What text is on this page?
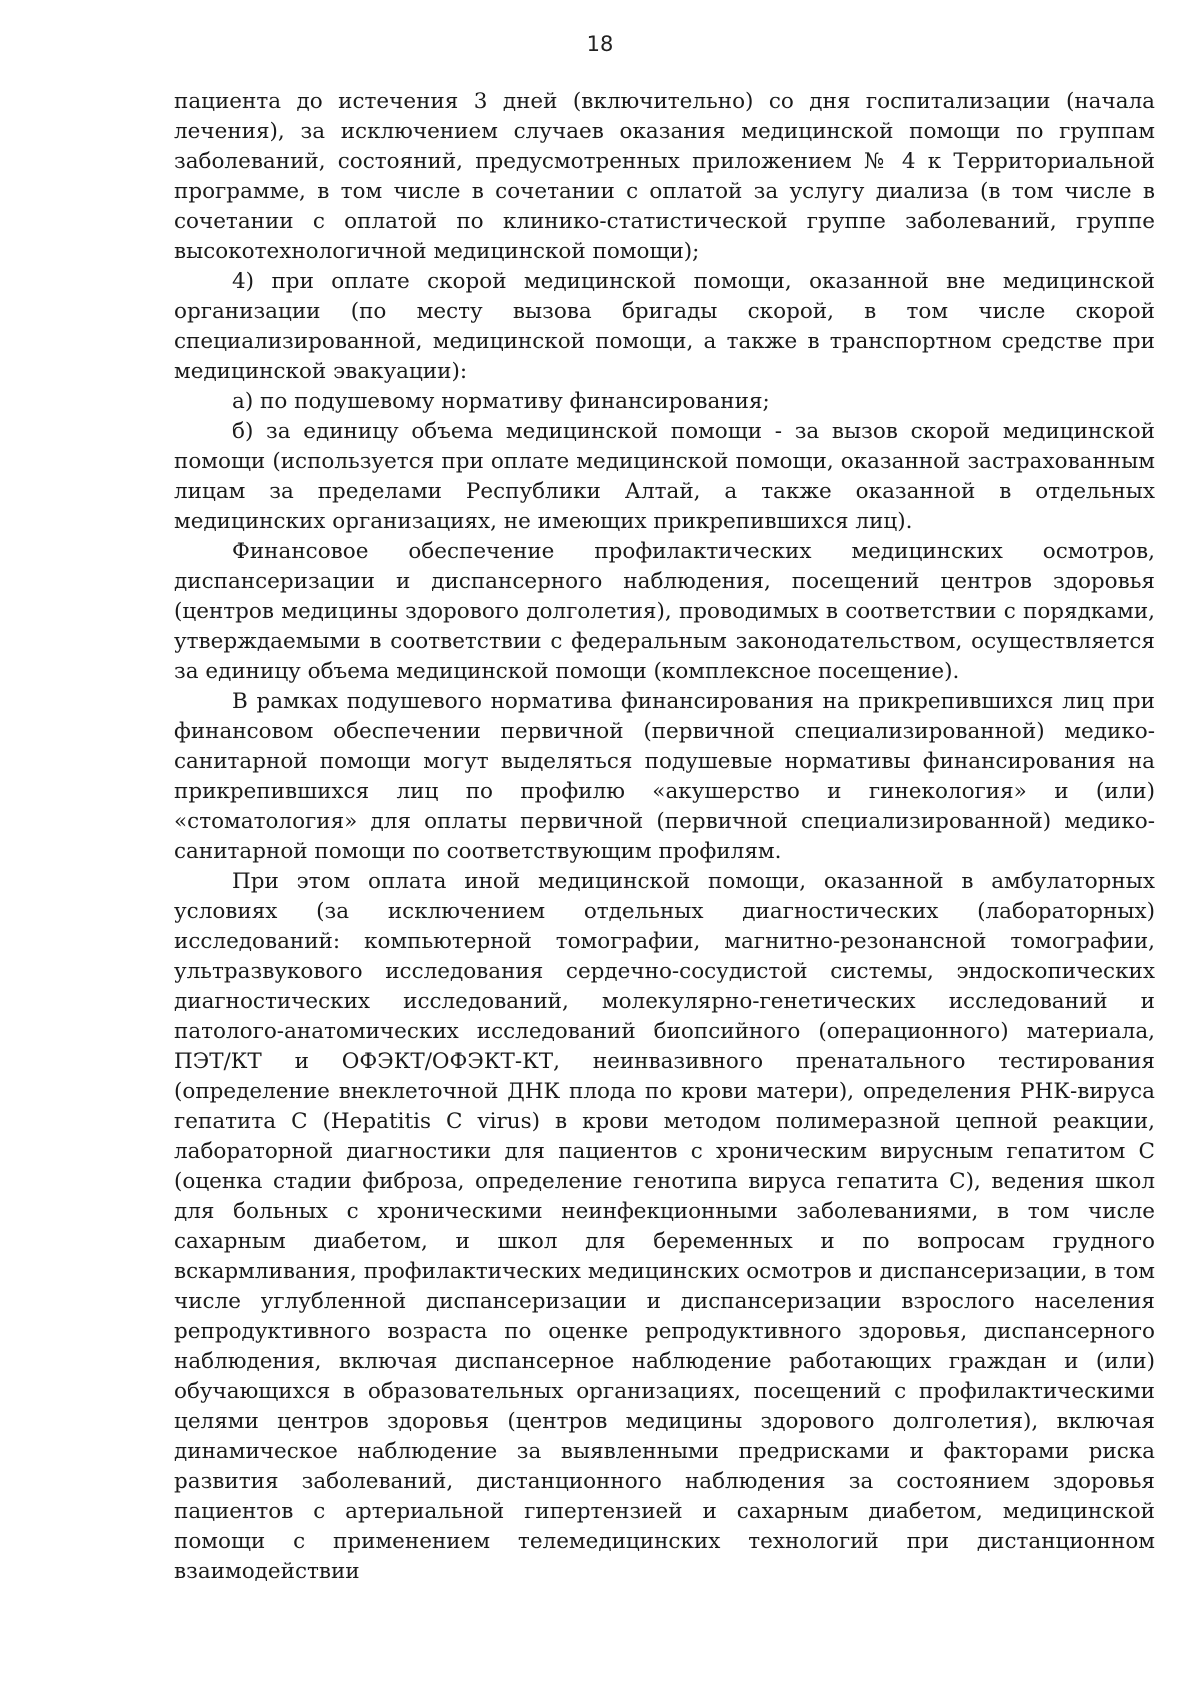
18

пациента до истечения 3 дней (включительно) со дня госпитализации (начала лечения), за исключением случаев оказания медицинской помощи по группам заболеваний, состояний, предусмотренных приложением № 4 к Территориальной программе, в том числе в сочетании с оплатой за услугу диализа (в том числе в сочетании с оплатой по клинико-статистической группе заболеваний, группе высокотехнологичной медицинской помощи);

4) при оплате скорой медицинской помощи, оказанной вне медицинской организации (по месту вызова бригады скорой, в том числе скорой специализированной, медицинской помощи, а также в транспортном средстве при медицинской эвакуации):

а) по подушевому нормативу финансирования;

б) за единицу объема медицинской помощи - за вызов скорой медицинской помощи (используется при оплате медицинской помощи, оказанной застрахованным лицам за пределами Республики Алтай, а также оказанной в отдельных медицинских организациях, не имеющих прикрепившихся лиц).

Финансовое обеспечение профилактических медицинских осмотров, диспансеризации и диспансерного наблюдения, посещений центров здоровья (центров медицины здорового долголетия), проводимых в соответствии с порядками, утверждаемыми в соответствии с федеральным законодательством, осуществляется за единицу объема медицинской помощи (комплексное посещение).

В рамках подушевого норматива финансирования на прикрепившихся лиц при финансовом обеспечении первичной (первичной специализированной) медико-санитарной помощи могут выделяться подушевые нормативы финансирования на прикрепившихся лиц по профилю «акушерство и гинекология» и (или) «стоматология» для оплаты первичной (первичной специализированной) медико-санитарной помощи по соответствующим профилям.

При этом оплата иной медицинской помощи, оказанной в амбулаторных условиях (за исключением отдельных диагностических (лабораторных) исследований: компьютерной томографии, магнитно-резонансной томографии, ультразвукового исследования сердечно-сосудистой системы, эндоскопических диагностических исследований, молекулярно-генетических исследований и патолого-анатомических исследований биопсийного (операционного) материала, ПЭТ/КТ и ОФЭКТ/ОФЭКТ-КТ, неинвазивного пренатального тестирования (определение внеклеточной ДНК плода по крови матери), определения РНК-вируса гепатита С (Hepatitis C virus) в крови методом полимеразной цепной реакции, лабораторной диагностики для пациентов с хроническим вирусным гепатитом С (оценка стадии фиброза, определение генотипа вируса гепатита С), ведения школ для больных с хроническими неинфекционными заболеваниями, в том числе сахарным диабетом, и школ для беременных и по вопросам грудного вскармливания, профилактических медицинских осмотров и диспансеризации, в том числе углубленной диспансеризации и диспансеризации взрослого населения репродуктивного возраста по оценке репродуктивного здоровья, диспансерного наблюдения, включая диспансерное наблюдение работающих граждан и (или) обучающихся в образовательных организациях, посещений с профилактическими целями центров здоровья (центров медицины здорового долголетия), включая динамическое наблюдение за выявленными предрисками и факторами риска развития заболеваний, дистанционного наблюдения за состоянием здоровья пациентов с артериальной гипертензией и сахарным диабетом, медицинской помощи с применением телемедицинских технологий при дистанционном взаимодействии
